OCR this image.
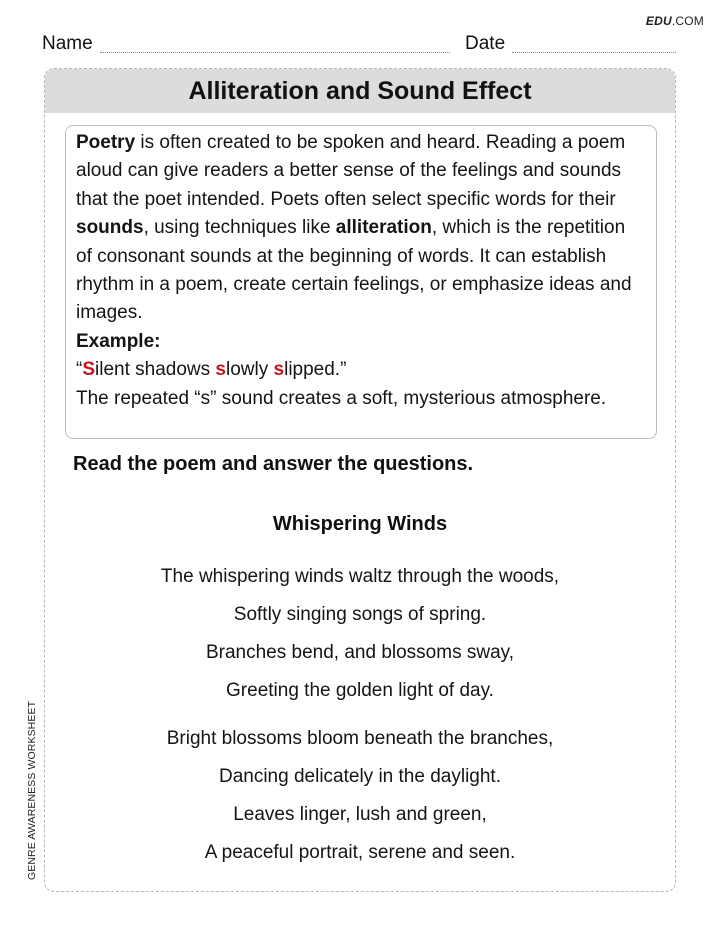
EDU.COM
Name	Date
GENRE AWARENESS WORKSHEET
Alliteration and Sound Effect

Poetry is often created to be spoken and heard. Reading a poem aloud can give readers a better sense of the feelings and sounds that the poet intended. Poets often select specific words for their sounds, using techniques like alliteration, which is the repetition of consonant sounds at the beginning of words. It can establish rhythm in a poem, create certain feelings, or emphasize ideas and images.

Example:

“Silent shadows slowly slipped.”

The repeated “s” sound creates a soft, mysterious atmosphere.

Read the poem and answer the questions.

Whispering Winds
The whispering winds waltz through the woods,
Softly singing songs of spring.
Branches bend, and blossoms sway,
Greeting the golden light of day.
Bright blossoms bloom beneath the branches,
Dancing delicately in the daylight.
Leaves linger, lush and green,
A peaceful portrait, serene and seen.
